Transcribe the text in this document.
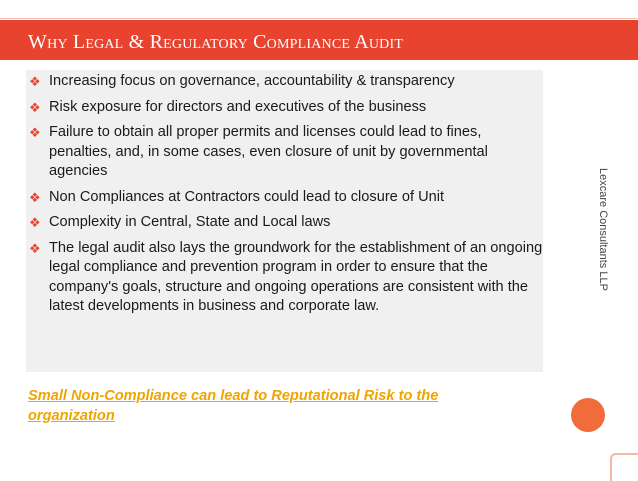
Why Legal & Regulatory Compliance Audit
❖ Increasing focus on governance, accountability & transparency
❖ Risk exposure for directors and executives of the business
❖ Failure to obtain all proper permits and licenses could lead to fines, penalties, and, in some cases, even closure of unit by governmental agencies
❖ Non Compliances at Contractors could lead to closure of Unit
❖ Complexity in Central, State and Local laws
❖ The legal audit also lays the groundwork for the establishment of an ongoing legal compliance and prevention program in order to ensure that the company's goals, structure and ongoing operations are consistent with the latest developments in business and corporate law.
Small Non-Compliance can lead to Reputational Risk to the organization
Lexcare Consultants LLP
